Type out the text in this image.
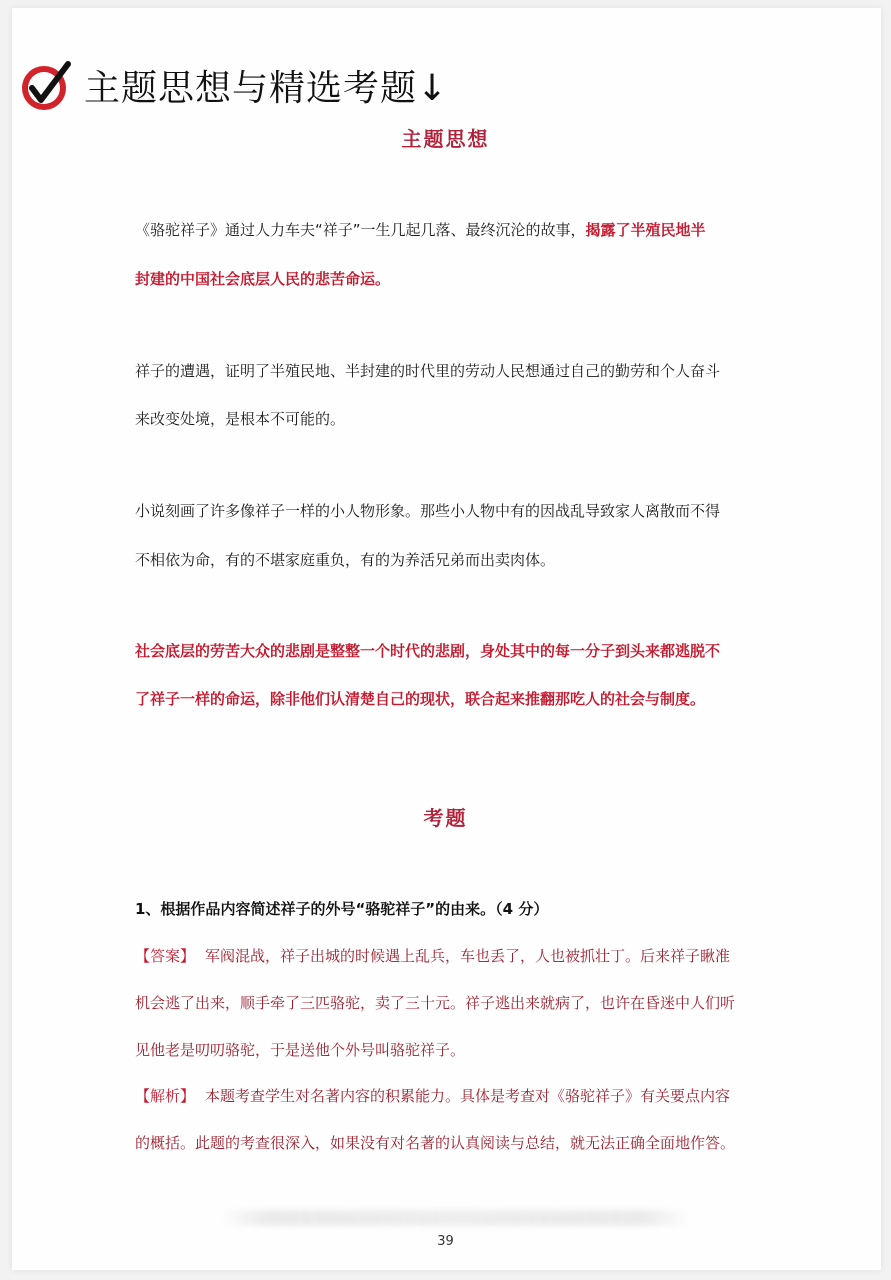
主题思想与精选考题↓
主题思想
《骆驼祥子》通过人力车夫“祥子”一生几起几落、最终沉沦的故事，揭露了半殖民地半
封建的中国社会底层人民的悲苦命运。
祥子的遭遇，证明了半殖民地、半封建的时代里的劳动人民想通过自己的勤劳和个人奋斗
来改变处境，是根本不可能的。
小说刻画了许多像祥子一样的小人物形象。那些小人物中有的因战乱导致家人离散而不得
不相依为命，有的不堪家庭重负，有的为养活兄弟而出卖肉体。
社会底层的劳苦大众的悲剧是整整一个时代的悲剧，身处其中的每一分子到头来都逃脱不
了祥子一样的命运，除非他们认清楚自己的现状，联合起来推翻那吃人的社会与制度。
考题
1、根据作品内容简述祥子的外号“骆驼祥子”的由来。（4 分）
【答案】 军阀混战，祥子出城的时候遇上乱兵，车也丢了，人也被抓壮丁。后来祥子瞅准
机会逃了出来，顺手牵了三匹骆驼，卖了三十元。祥子逃出来就病了，也许在昏迷中人们听
见他老是叨叨骆驼，于是送他个外号叫骆驼祥子。
【解析】 本题考查学生对名著内容的积累能力。具体是考查对《骆驼祥子》有关要点内容
的概括。此题的考查很深入，如果没有对名著的认真阅读与总结，就无法正确全面地作答。
39
